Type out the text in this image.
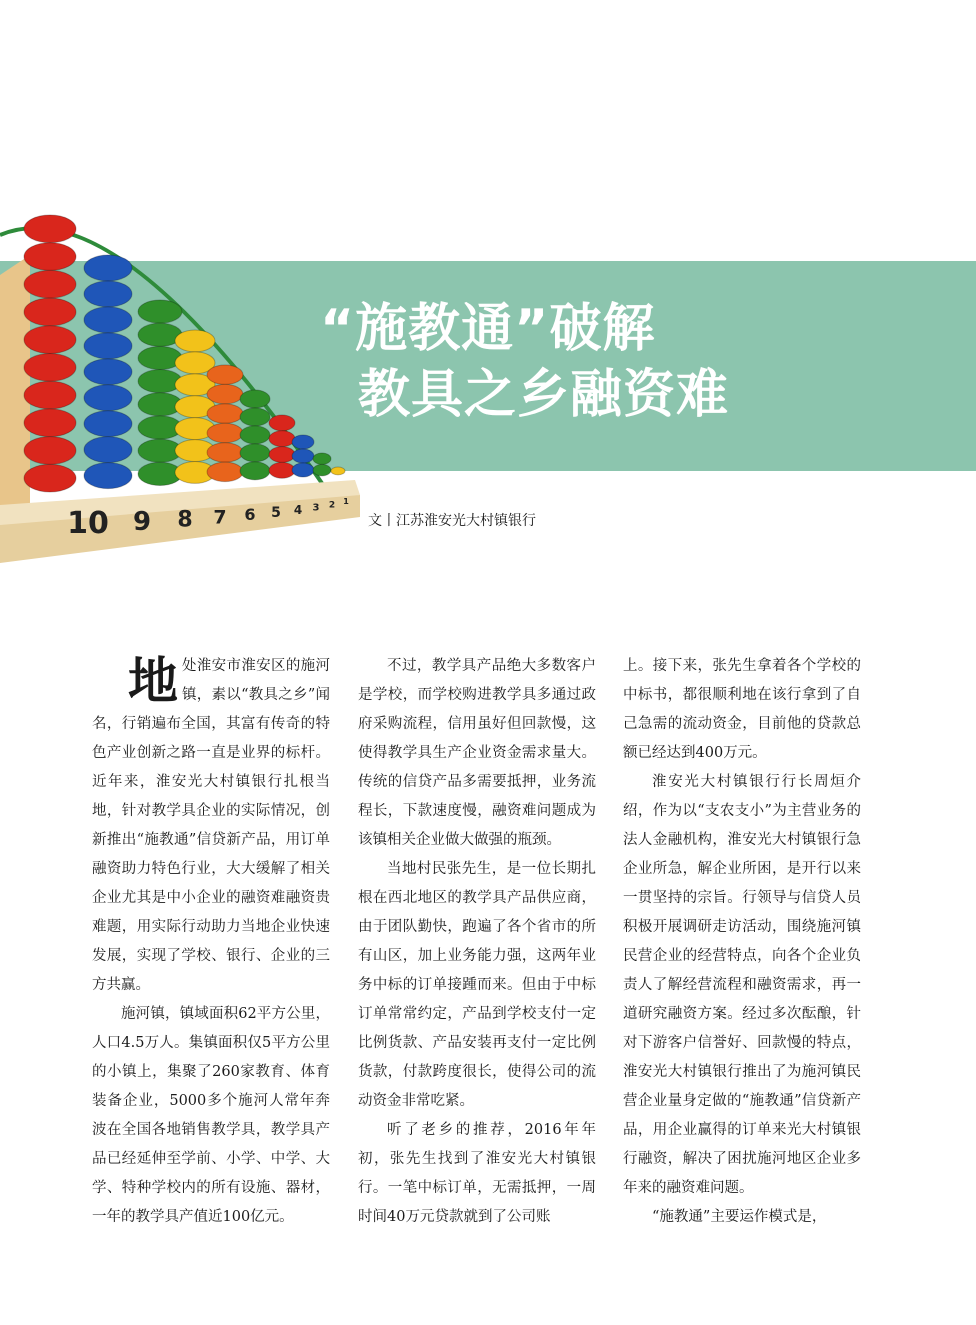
10 9 8 7 6 5 4 3 2 1
“施教通”破解
教具之乡融资难
文丨江苏淮安光大村镇银行

地处淮安市淮安区的施河镇，素以“教具之乡”闻名，行销遍布全国，其富有传奇的特色产业创新之路一直是业界的标杆。近年来，淮安光大村镇银行扎根当地，针对教学具企业的实际情况，创新推出“施教通”信贷新产品，用订单融资助力特色行业，大大缓解了相关企业尤其是中小企业的融资难融资贵难题，用实际行动助力当地企业快速发展，实现了学校、银行、企业的三方共赢。

施河镇，镇域面积62平方公里，人口4.5万人。集镇面积仅5平方公里的小镇上，集聚了260家教育、体育装备企业，5000多个施河人常年奔波在全国各地销售教学具，教学具产品已经延伸至学前、小学、中学、大学、特种学校内的所有设施、器材，一年的教学具产值近100亿元。

不过，教学具产品绝大多数客户是学校，而学校购进教学具多通过政府采购流程，信用虽好但回款慢，这使得教学具生产企业资金需求量大。传统的信贷产品多需要抵押，业务流程长，下款速度慢，融资难问题成为该镇相关企业做大做强的瓶颈。

当地村民张先生，是一位长期扎根在西北地区的教学具产品供应商，由于团队勤快，跑遍了各个省市的所有山区，加上业务能力强，这两年业务中标的订单接踵而来。但由于中标订单常常约定，产品到学校支付一定比例货款、产品安装再支付一定比例货款，付款跨度很长，使得公司的流动资金非常吃紧。

听了老乡的推荐，2016年年初，张先生找到了淮安光大村镇银行。一笔中标订单，无需抵押，一周时间40万元贷款就到了公司账

上。接下来，张先生拿着各个学校的中标书，都很顺利地在该行拿到了自己急需的流动资金，目前他的贷款总额已经达到400万元。

淮安光大村镇银行行长周烜介绍，作为以“支农支小”为主营业务的法人金融机构，淮安光大村镇银行急企业所急，解企业所困，是开行以来一贯坚持的宗旨。行领导与信贷人员积极开展调研走访活动，围绕施河镇民营企业的经营特点，向各个企业负责人了解经营流程和融资需求，再一道研究融资方案。经过多次酝酿，针对下游客户信誉好、回款慢的特点，淮安光大村镇银行推出了为施河镇民营企业量身定做的“施教通”信贷新产品，用企业赢得的订单来光大村镇银行融资，解决了困扰施河地区企业多年来的融资难问题。

“施教通”主要运作模式是，
